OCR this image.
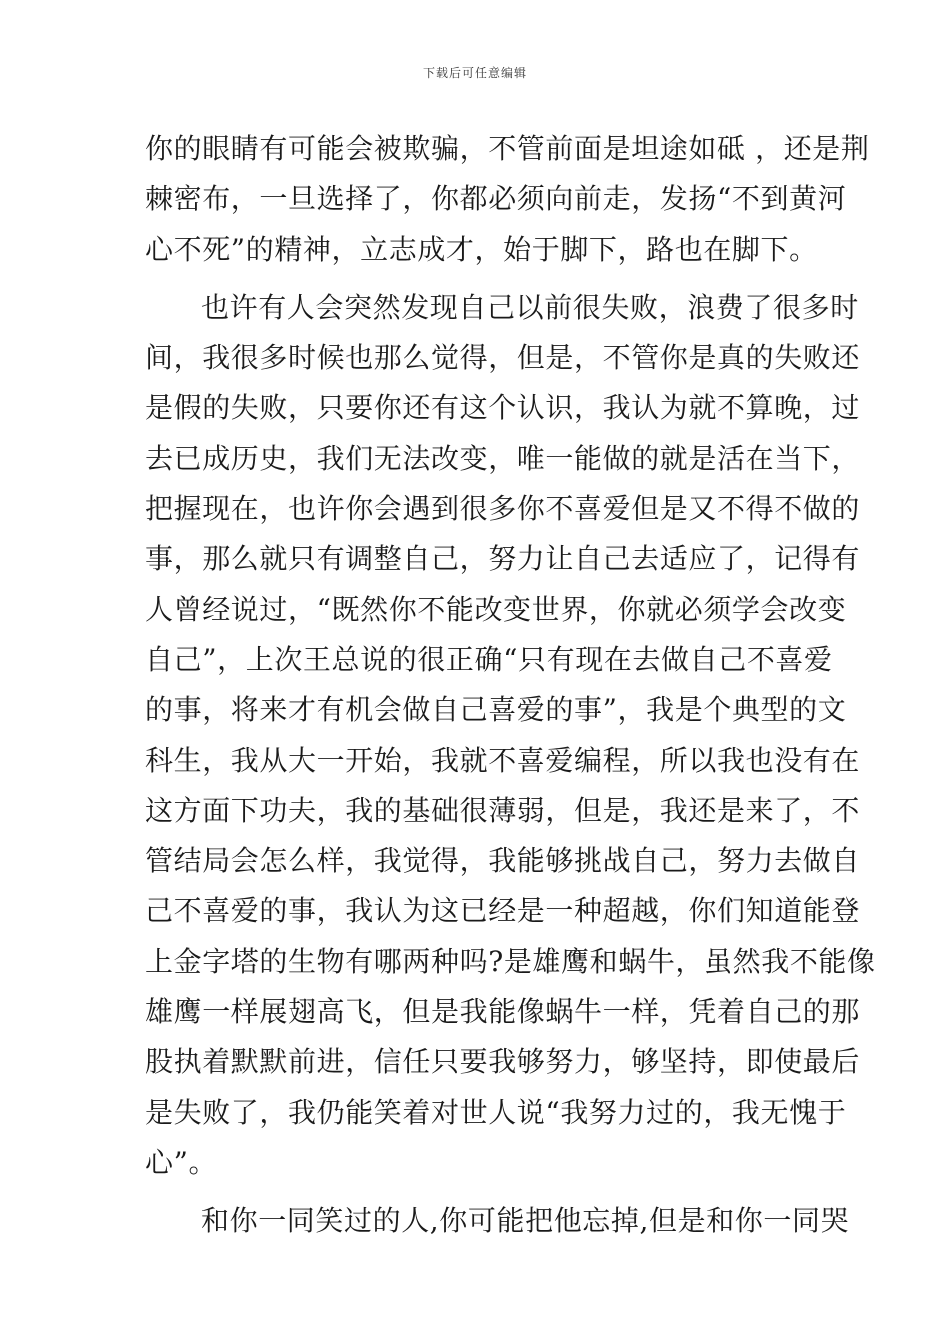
下载后可任意编辑
你的眼睛有可能会被欺骗，不管前面是坦途如砥 ，还是荆
棘密布，一旦选择了，你都必须向前走，发扬“不到黄河
心不死”的精神，立志成才，始于脚下，路也在脚下。
也许有人会突然发现自己以前很失败，浪费了很多时
间，我很多时候也那么觉得，但是，不管你是真的失败还
是假的失败，只要你还有这个认识，我认为就不算晚，过
去已成历史，我们无法改变，唯一能做的就是活在当下，
把握现在，也许你会遇到很多你不喜爱但是又不得不做的
事，那么就只有调整自己，努力让自己去适应了，记得有
人曾经说过，“既然你不能改变世界，你就必须学会改变
自己”，上次王总说的很正确“只有现在去做自己不喜爱
的事，将来才有机会做自己喜爱的事”，我是个典型的文
科生，我从大一开始，我就不喜爱编程，所以我也没有在
这方面下功夫，我的基础很薄弱，但是，我还是来了，不
管结局会怎么样，我觉得，我能够挑战自己，努力去做自
己不喜爱的事，我认为这已经是一种超越，你们知道能登
上金字塔的生物有哪两种吗?是雄鹰和蜗牛，虽然我不能像
雄鹰一样展翅高飞，但是我能像蜗牛一样，凭着自己的那
股执着默默前进，信任只要我够努力，够坚持，即使最后
是失败了，我仍能笑着对世人说“我努力过的，我无愧于
心”。
和你一同笑过的人,你可能把他忘掉,但是和你一同哭
